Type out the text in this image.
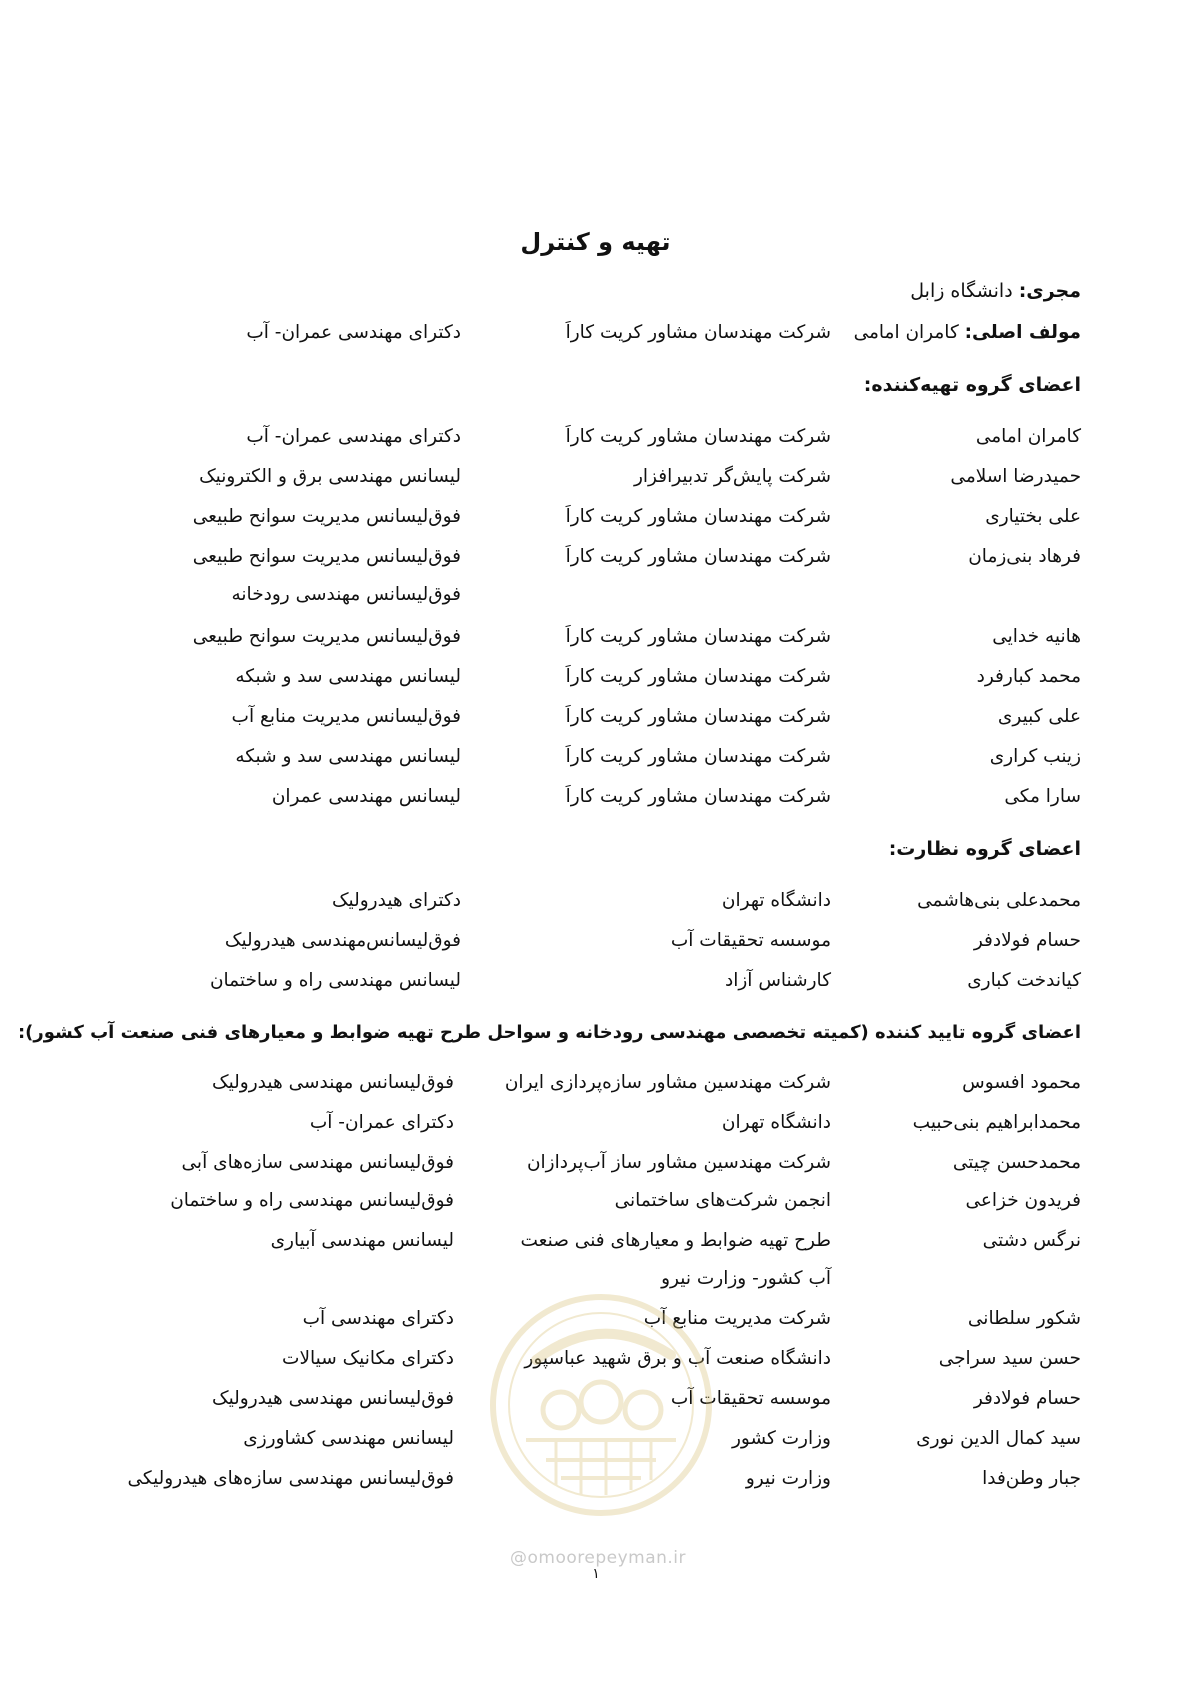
تهیه و کنترل
مجری: دانشگاه زابل
مولف اصلی: کامران امامی
شرکت مهندسان مشاور کریت کاراَ
دکترای مهندسی عمران- آب
اعضای گروه تهیه‌کننده:
کامران امامی
شرکت مهندسان مشاور کریت کاراَ
دکترای مهندسی عمران- آب
حمیدرضا اسلامی
شرکت پایش‌گر تدبیرافزار
لیسانس مهندسی برق و الکترونیک
علی بختیاری
شرکت مهندسان مشاور کریت کاراَ
فوق‌لیسانس مدیریت سوانح طبیعی
فرهاد بنی‌زمان
شرکت مهندسان مشاور کریت کاراَ
فوق‌لیسانس مدیریت سوانح طبیعی
فوق‌لیسانس مهندسی رودخانه
هانیه خدایی
شرکت مهندسان مشاور کریت کاراَ
فوق‌لیسانس مدیریت سوانح طبیعی
محمد کبارفرد
شرکت مهندسان مشاور کریت کاراَ
لیسانس مهندسی سد و شبکه
علی کبیری
شرکت مهندسان مشاور کریت کاراَ
فوق‌لیسانس مدیریت منابع آب
زینب کراری
شرکت مهندسان مشاور کریت کاراَ
لیسانس مهندسی سد و شبکه
سارا مکی
شرکت مهندسان مشاور کریت کاراَ
لیسانس مهندسی عمران
اعضای گروه نظارت:
محمدعلی بنی‌هاشمی
دانشگاه تهران
دکترای هیدرولیک
حسام فولادفر
موسسه تحقیقات آب
فوق‌لیسانس‌مهندسی هیدرولیک
کیاندخت کباری
کارشناس آزاد
لیسانس مهندسی راه و ساختمان
اعضای گروه تایید کننده (کمیته تخصصی مهندسی رودخانه و سواحل طرح تهیه ضوابط و معیارهای فنی صنعت آب کشور):
محمود افسوس
شرکت مهندسین مشاور سازه‌پردازی ایران
فوق‌لیسانس مهندسی هیدرولیک
محمدابراهیم بنی‌حبیب
دانشگاه تهران
دکترای عمران- آب
محمدحسن چیتی
شرکت مهندسین مشاور ساز آب‌پردازان
فوق‌لیسانس مهندسی سازه‌های آبی
فریدون خزاعی
انجمن شرکت‌های ساختمانی
فوق‌لیسانس مهندسی راه و ساختمان
نرگس دشتی
طرح تهیه ضوابط و معیارهای فنی صنعت
لیسانس مهندسی آبیاری
آب کشور- وزارت نیرو
شکور سلطانی
شرکت مدیریت منابع آب
دکترای مهندسی آب
حسن سید سراجی
دانشگاه صنعت آب و برق شهید عباسپور
دکترای مکانیک سیالات
حسام فولادفر
موسسه تحقیقات آب
فوق‌لیسانس مهندسی هیدرولیک
سید کمال الدین نوری
وزارت کشور
لیسانس مهندسی کشاورزی
جبار وطن‌فدا
وزارت نیرو
فوق‌لیسانس مهندسی سازه‌های هیدرولیکی
@omoorepeyman.ir
۱
